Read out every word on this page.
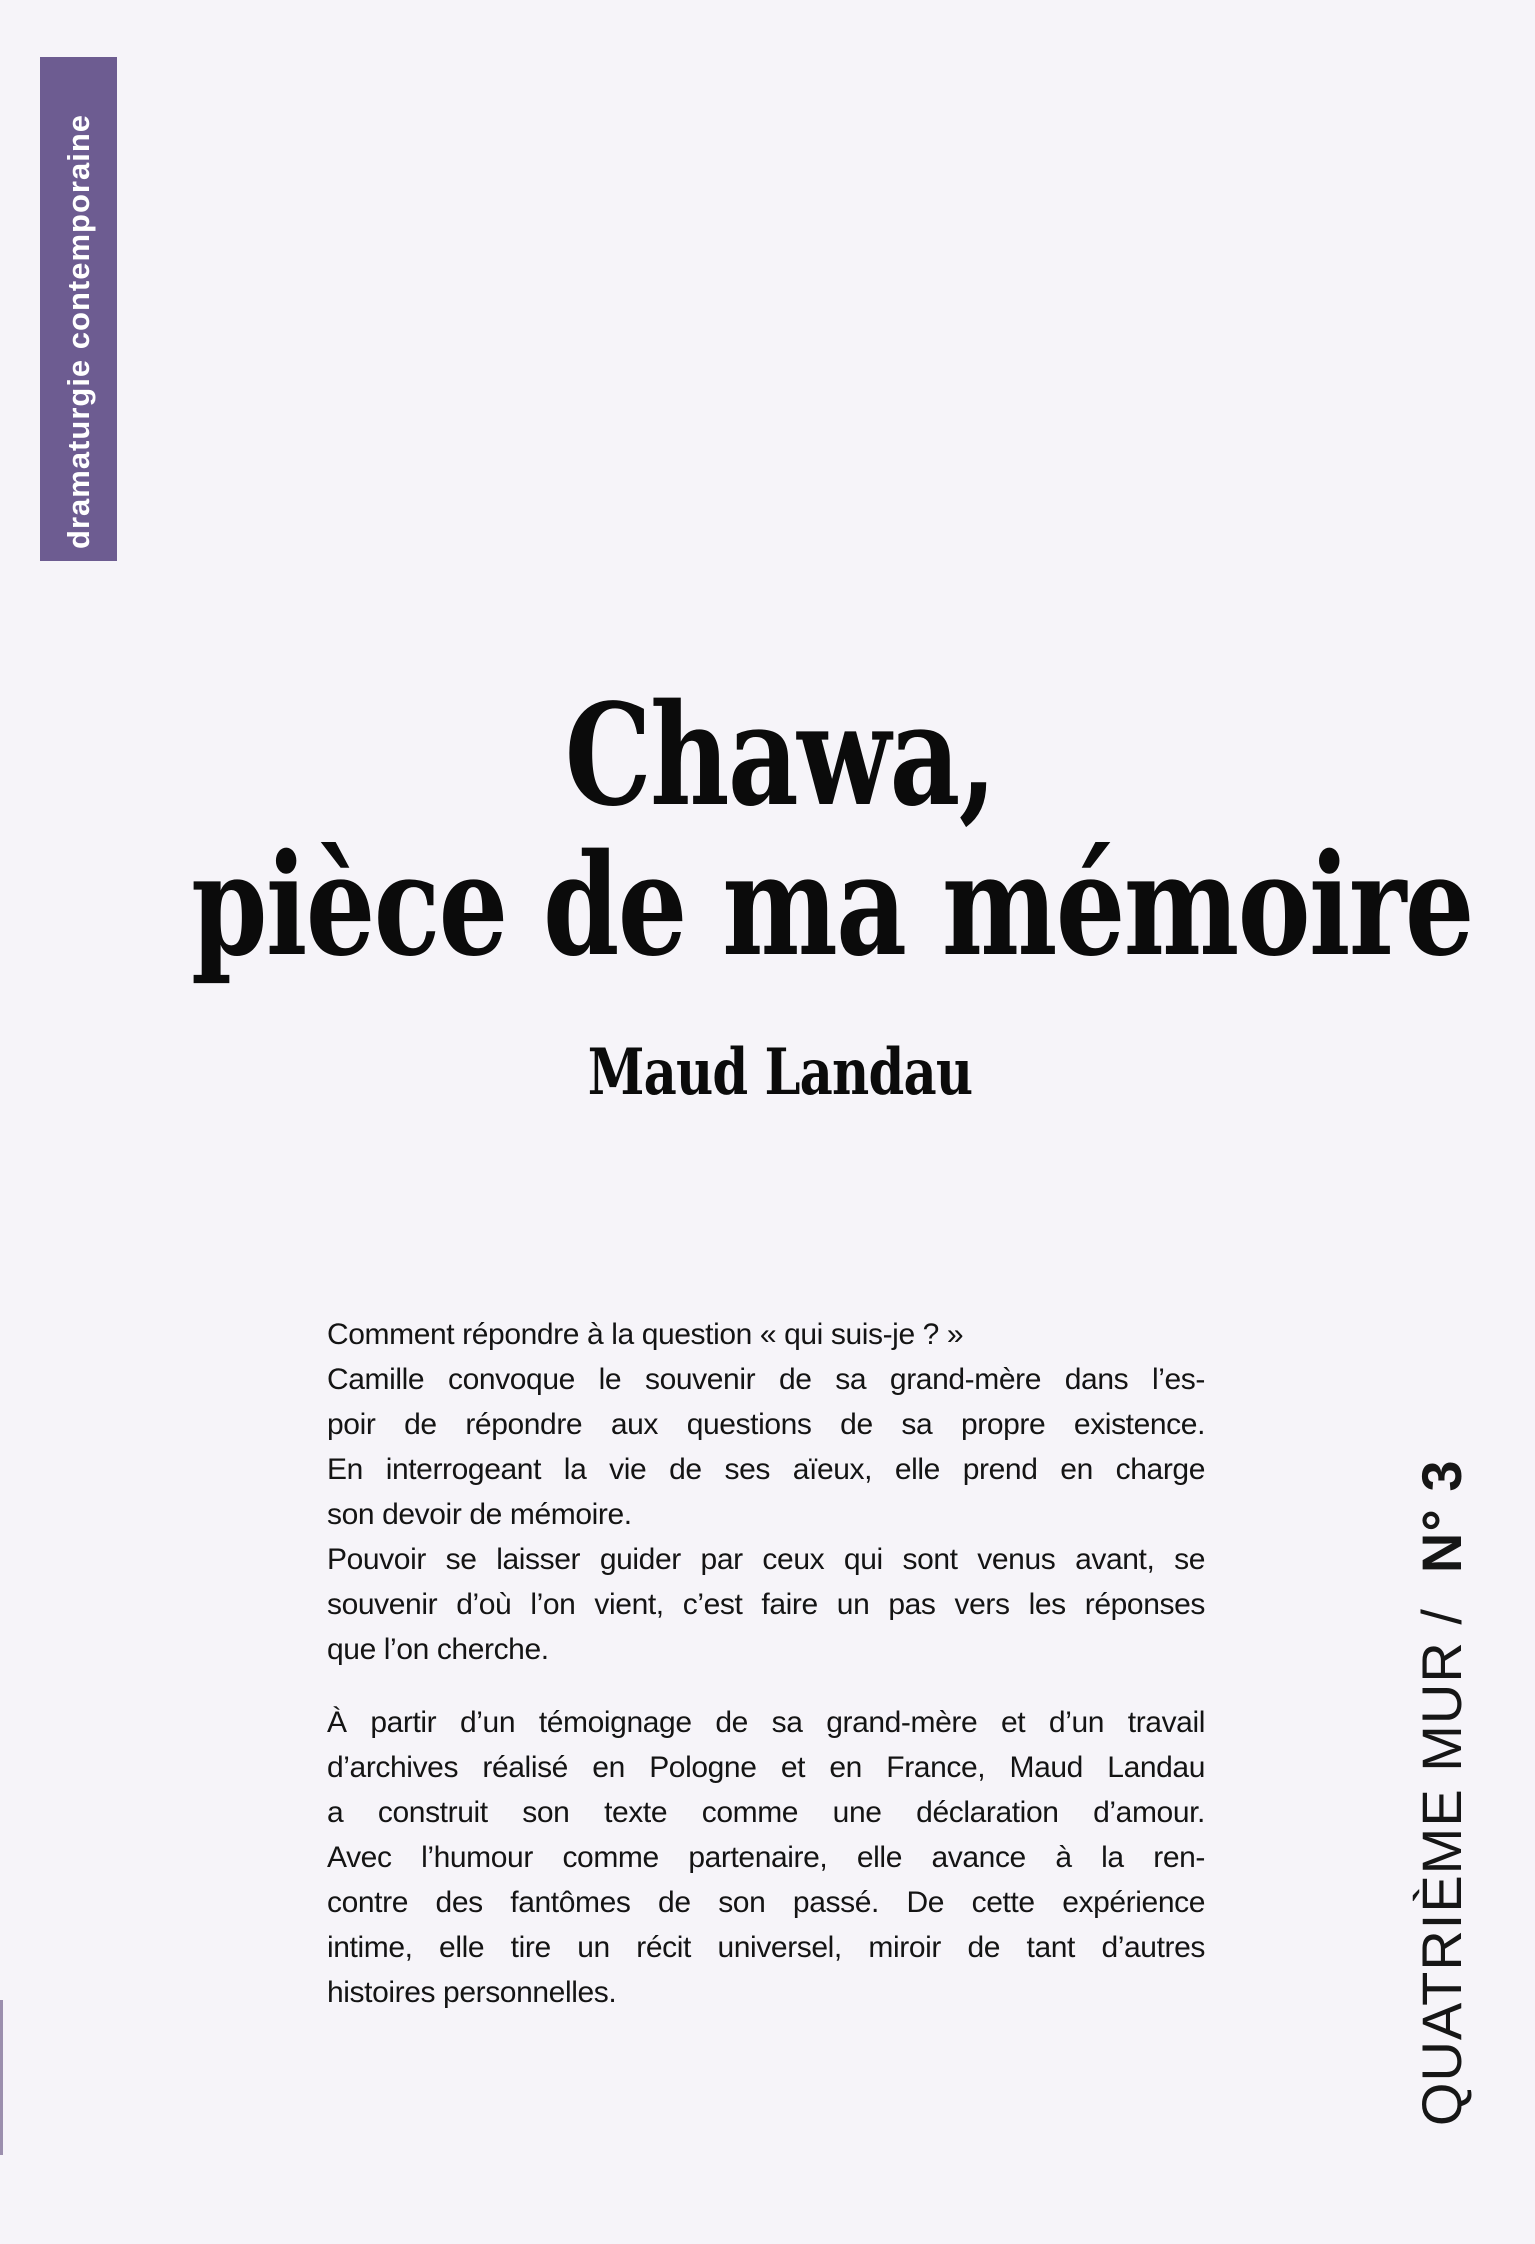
dramaturgie contemporaine
Chawa,
pièce de ma mémoire
Maud Landau
Comment répondre à la question « qui suis-je ? »
Camille convoque le souvenir de sa grand-mère dans l’es-
poir de répondre aux questions de sa propre existence.
En interrogeant la vie de ses aïeux, elle prend en charge
son devoir de mémoire.
Pouvoir se laisser guider par ceux qui sont venus avant, se
souvenir d’où l’on vient, c’est faire un pas vers les réponses
que l’on cherche.
À partir d’un témoignage de sa grand-mère et d’un travail
d’archives réalisé en Pologne et en France, Maud Landau
a construit son texte comme une déclaration d’amour.
Avec l’humour comme partenaire, elle avance à la ren-
contre des fantômes de son passé. De cette expérience
intime, elle tire un récit universel, miroir de tant d’autres
histoires personnelles.	QUATRIÈME MUR / N° 3
